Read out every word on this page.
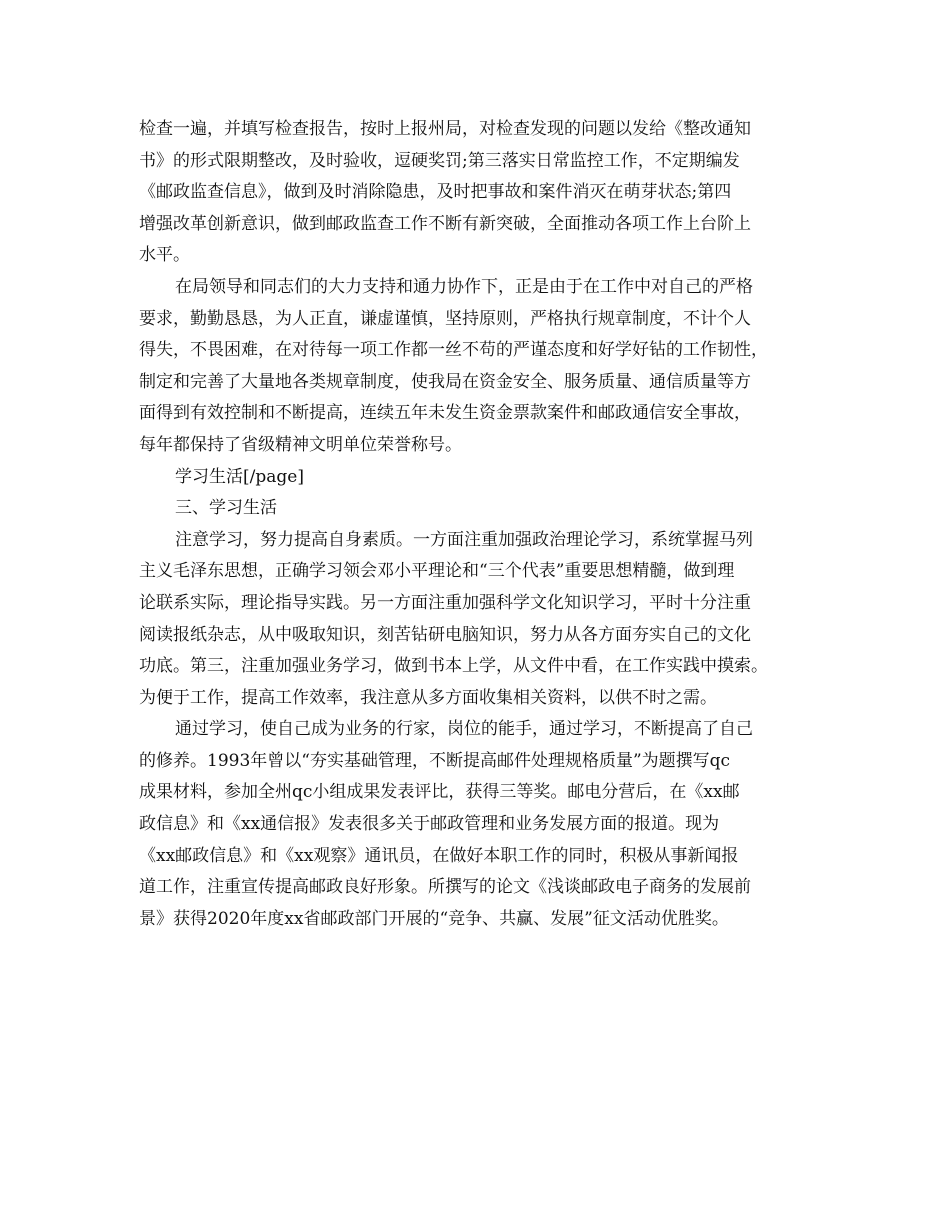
检查一遍，并填写检查报告，按时上报州局，对检查发现的问题以发给《整改通知
书》的形式限期整改，及时验收，逗硬奖罚;第三落实日常监控工作，不定期编发
《邮政监查信息》，做到及时消除隐患，及时把事故和案件消灭在萌芽状态;第四
增强改革创新意识，做到邮政监查工作不断有新突破，全面推动各项工作上台阶上
水平。
在局领导和同志们的大力支持和通力协作下，正是由于在工作中对自己的严格
要求，勤勤恳恳，为人正直，谦虚谨慎，坚持原则，严格执行规章制度，不计个人
得失，不畏困难，在对待每一项工作都一丝不苟的严谨态度和好学好钻的工作韧性，
制定和完善了大量地各类规章制度，使我局在资金安全、服务质量、通信质量等方
面得到有效控制和不断提高，连续五年未发生资金票款案件和邮政通信安全事故，
每年都保持了省级精神文明单位荣誉称号。
学习生活[/page]
三、学习生活
注意学习，努力提高自身素质。一方面注重加强政治理论学习，系统掌握马列
主义毛泽东思想，正确学习领会邓小平理论和“三个代表”重要思想精髓，做到理
论联系实际，理论指导实践。另一方面注重加强科学文化知识学习，平时十分注重
阅读报纸杂志，从中吸取知识，刻苦钻研电脑知识，努力从各方面夯实自己的文化
功底。第三，注重加强业务学习，做到书本上学，从文件中看，在工作实践中摸索。
为便于工作，提高工作效率，我注意从多方面收集相关资料，以供不时之需。
通过学习，使自己成为业务的行家，岗位的能手，通过学习，不断提高了自己
的修养。1993年曾以“夯实基础管理，不断提高邮件处理规格质量”为题撰写qc
成果材料，参加全州qc小组成果发表评比，获得三等奖。邮电分营后，在《xx邮
政信息》和《xx通信报》发表很多关于邮政管理和业务发展方面的报道。现为
《xx邮政信息》和《xx观察》通讯员，在做好本职工作的同时，积极从事新闻报
道工作，注重宣传提高邮政良好形象。所撰写的论文《浅谈邮政电子商务的发展前
景》获得2020年度xx省邮政部门开展的“竞争、共赢、发展”征文活动优胜奖。
